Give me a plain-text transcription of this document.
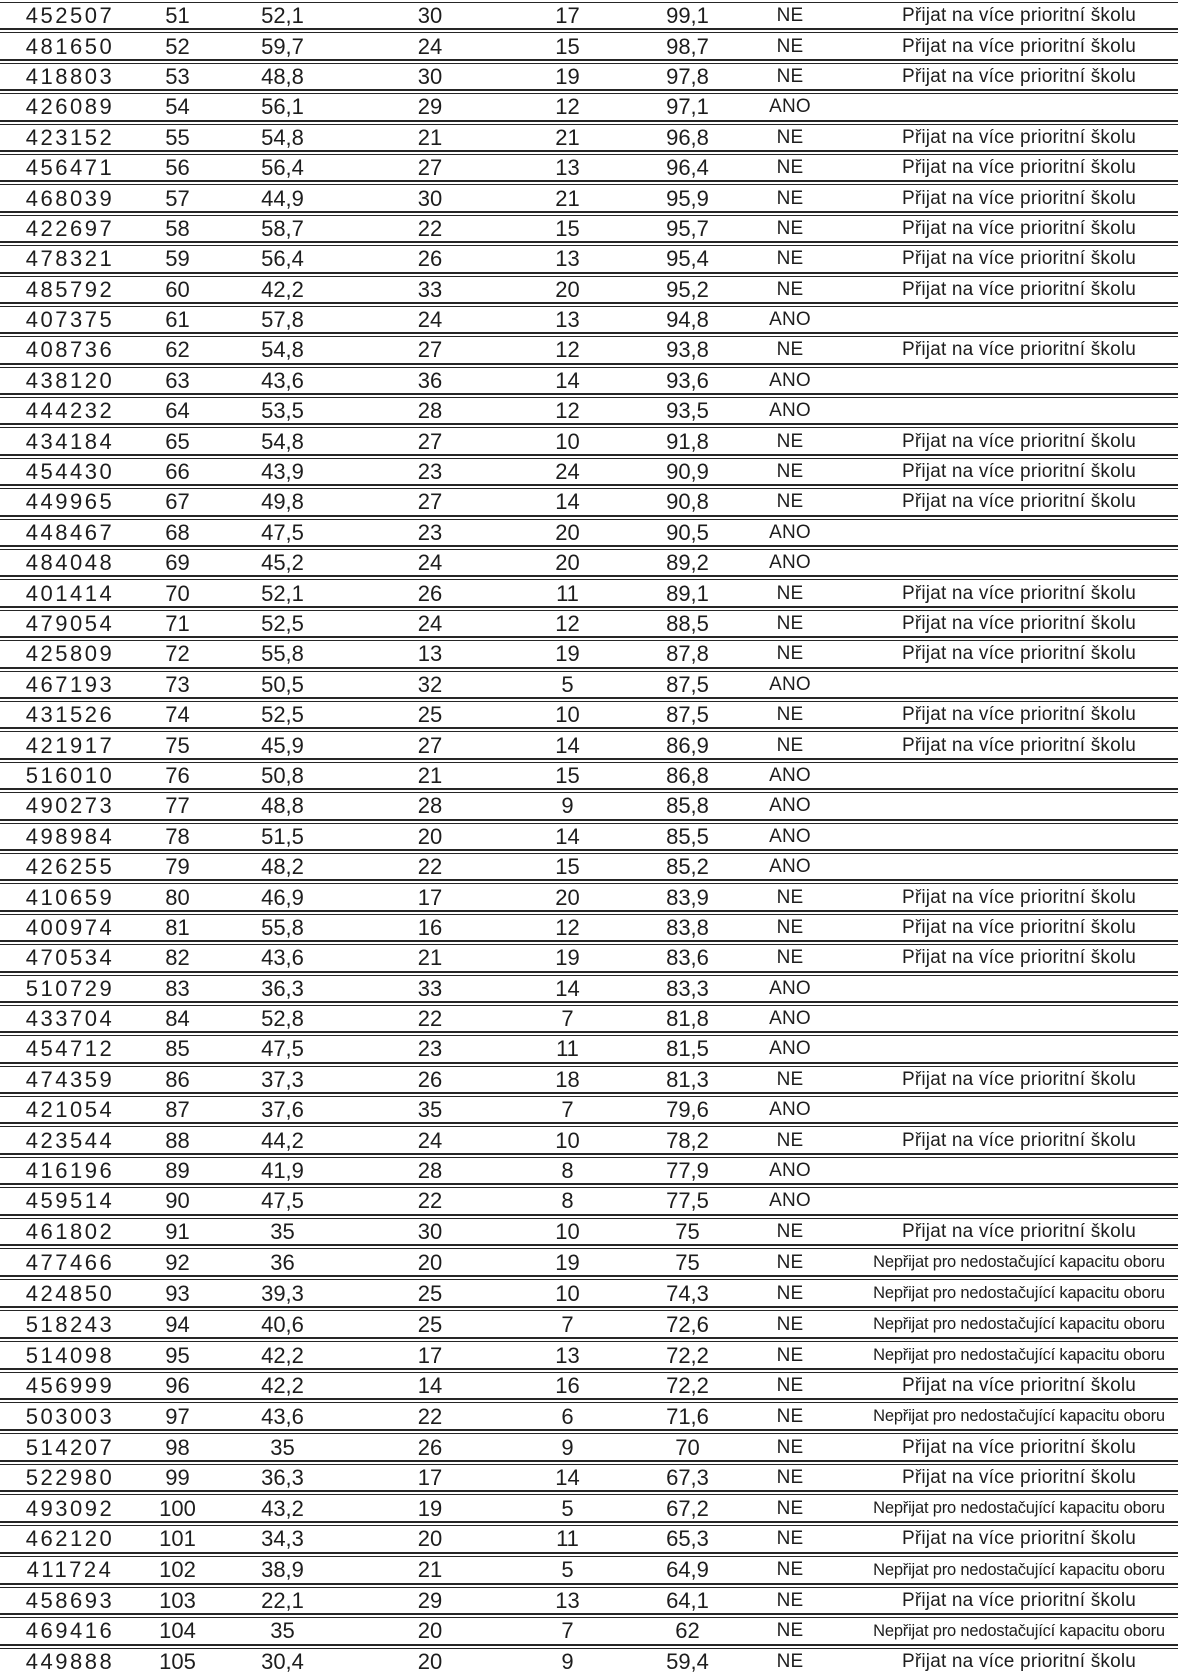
452507	51	52,1	30	17	99,1	NE	Přijat na více prioritní školu
481650	52	59,7	24	15	98,7	NE	Přijat na více prioritní školu
418803	53	48,8	30	19	97,8	NE	Přijat na více prioritní školu
426089	54	56,1	29	12	97,1	ANO	
423152	55	54,8	21	21	96,8	NE	Přijat na více prioritní školu
456471	56	56,4	27	13	96,4	NE	Přijat na více prioritní školu
468039	57	44,9	30	21	95,9	NE	Přijat na více prioritní školu
422697	58	58,7	22	15	95,7	NE	Přijat na více prioritní školu
478321	59	56,4	26	13	95,4	NE	Přijat na více prioritní školu
485792	60	42,2	33	20	95,2	NE	Přijat na více prioritní školu
407375	61	57,8	24	13	94,8	ANO	
408736	62	54,8	27	12	93,8	NE	Přijat na více prioritní školu
438120	63	43,6	36	14	93,6	ANO	
444232	64	53,5	28	12	93,5	ANO	
434184	65	54,8	27	10	91,8	NE	Přijat na více prioritní školu
454430	66	43,9	23	24	90,9	NE	Přijat na více prioritní školu
449965	67	49,8	27	14	90,8	NE	Přijat na více prioritní školu
448467	68	47,5	23	20	90,5	ANO	
484048	69	45,2	24	20	89,2	ANO	
401414	70	52,1	26	11	89,1	NE	Přijat na více prioritní školu
479054	71	52,5	24	12	88,5	NE	Přijat na více prioritní školu
425809	72	55,8	13	19	87,8	NE	Přijat na více prioritní školu
467193	73	50,5	32	5	87,5	ANO	
431526	74	52,5	25	10	87,5	NE	Přijat na více prioritní školu
421917	75	45,9	27	14	86,9	NE	Přijat na více prioritní školu
516010	76	50,8	21	15	86,8	ANO	
490273	77	48,8	28	9	85,8	ANO	
498984	78	51,5	20	14	85,5	ANO	
426255	79	48,2	22	15	85,2	ANO	
410659	80	46,9	17	20	83,9	NE	Přijat na více prioritní školu
400974	81	55,8	16	12	83,8	NE	Přijat na více prioritní školu
470534	82	43,6	21	19	83,6	NE	Přijat na více prioritní školu
510729	83	36,3	33	14	83,3	ANO	
433704	84	52,8	22	7	81,8	ANO	
454712	85	47,5	23	11	81,5	ANO	
474359	86	37,3	26	18	81,3	NE	Přijat na více prioritní školu
421054	87	37,6	35	7	79,6	ANO	
423544	88	44,2	24	10	78,2	NE	Přijat na více prioritní školu
416196	89	41,9	28	8	77,9	ANO	
459514	90	47,5	22	8	77,5	ANO	
461802	91	35	30	10	75	NE	Přijat na více prioritní školu
477466	92	36	20	19	75	NE	Nepřijat pro nedostačující kapacitu oboru
424850	93	39,3	25	10	74,3	NE	Nepřijat pro nedostačující kapacitu oboru
518243	94	40,6	25	7	72,6	NE	Nepřijat pro nedostačující kapacitu oboru
514098	95	42,2	17	13	72,2	NE	Nepřijat pro nedostačující kapacitu oboru
456999	96	42,2	14	16	72,2	NE	Přijat na více prioritní školu
503003	97	43,6	22	6	71,6	NE	Nepřijat pro nedostačující kapacitu oboru
514207	98	35	26	9	70	NE	Přijat na více prioritní školu
522980	99	36,3	17	14	67,3	NE	Přijat na více prioritní školu
493092	100	43,2	19	5	67,2	NE	Nepřijat pro nedostačující kapacitu oboru
462120	101	34,3	20	11	65,3	NE	Přijat na více prioritní školu
411724	102	38,9	21	5	64,9	NE	Nepřijat pro nedostačující kapacitu oboru
458693	103	22,1	29	13	64,1	NE	Přijat na více prioritní školu
469416	104	35	20	7	62	NE	Nepřijat pro nedostačující kapacitu oboru
449888	105	30,4	20	9	59,4	NE	Přijat na více prioritní školu
